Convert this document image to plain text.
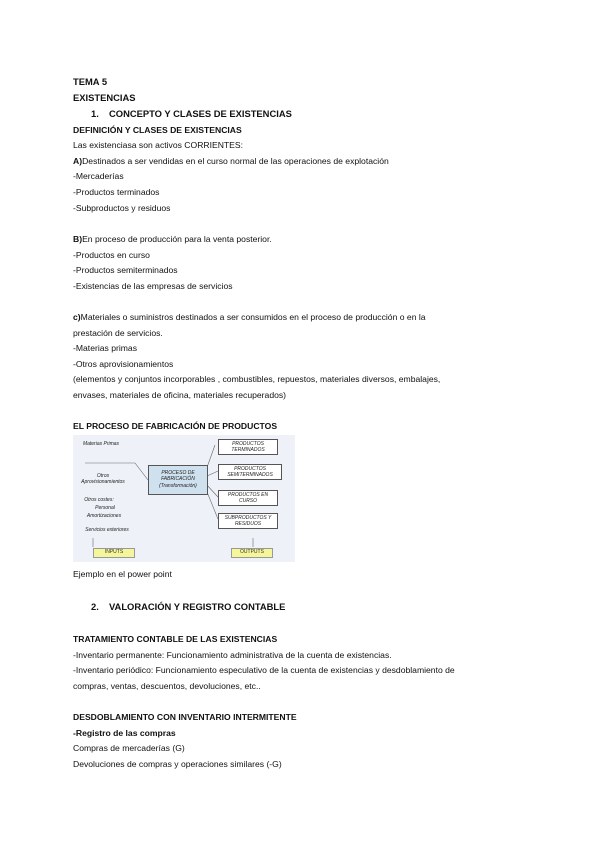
TEMA 5
EXISTENCIAS
1. CONCEPTO Y CLASES DE EXISTENCIAS
DEFINICIÓN Y CLASES DE EXISTENCIAS
Las existenciasa son activos CORRIENTES:
A)Destinados a ser vendidas en el curso normal de las operaciones de explotación
-Mercaderías
-Productos terminados
-Subproductos y residuos
B)En proceso de producción para la venta posterior.
-Productos en curso
-Productos semiterminados
-Existencias de las empresas de servicios
c)Materiales o suministros destinados a ser consumidos en el proceso de producción o en la
prestación de servicios.
-Materias primas
-Otros aprovisionamientos
(elementos y conjuntos incorporables , combustibles, repuestos, materiales diversos, embalajes,
envases, materiales de oficina, materiales recuperados)
EL PROCESO DE FABRICACIÓN DE PRODUCTOS
Materias Primas
Otros Aprovisionamientos
Otros costes:
Personal
Amortizaciones
Servicios exteriores
PROCESO DE FABRICACIÓN
(Transformación)
PRODUCTOS TERMINADOS
PRODUCTOS SEMITERMINADOS
PRODUCTOS EN CURSO
SUBPRODUCTOS Y RESIDUOS
INPUTS	OUTPUTS
Ejemplo en el power point
2. VALORACIÓN Y REGISTRO CONTABLE
TRATAMIENTO CONTABLE DE LAS EXISTENCIAS
-Inventario permanente: Funcionamiento administrativa de la cuenta de existencias.
-Inventario periódico: Funcionamiento especulativo de la cuenta de existencias y desdoblamiento de
compras, ventas, descuentos, devoluciones, etc..
DESDOBLAMIENTO CON INVENTARIO INTERMITENTE
-Registro de las compras
Compras de mercaderías (G)
Devoluciones de compras y operaciones similares (-G)
